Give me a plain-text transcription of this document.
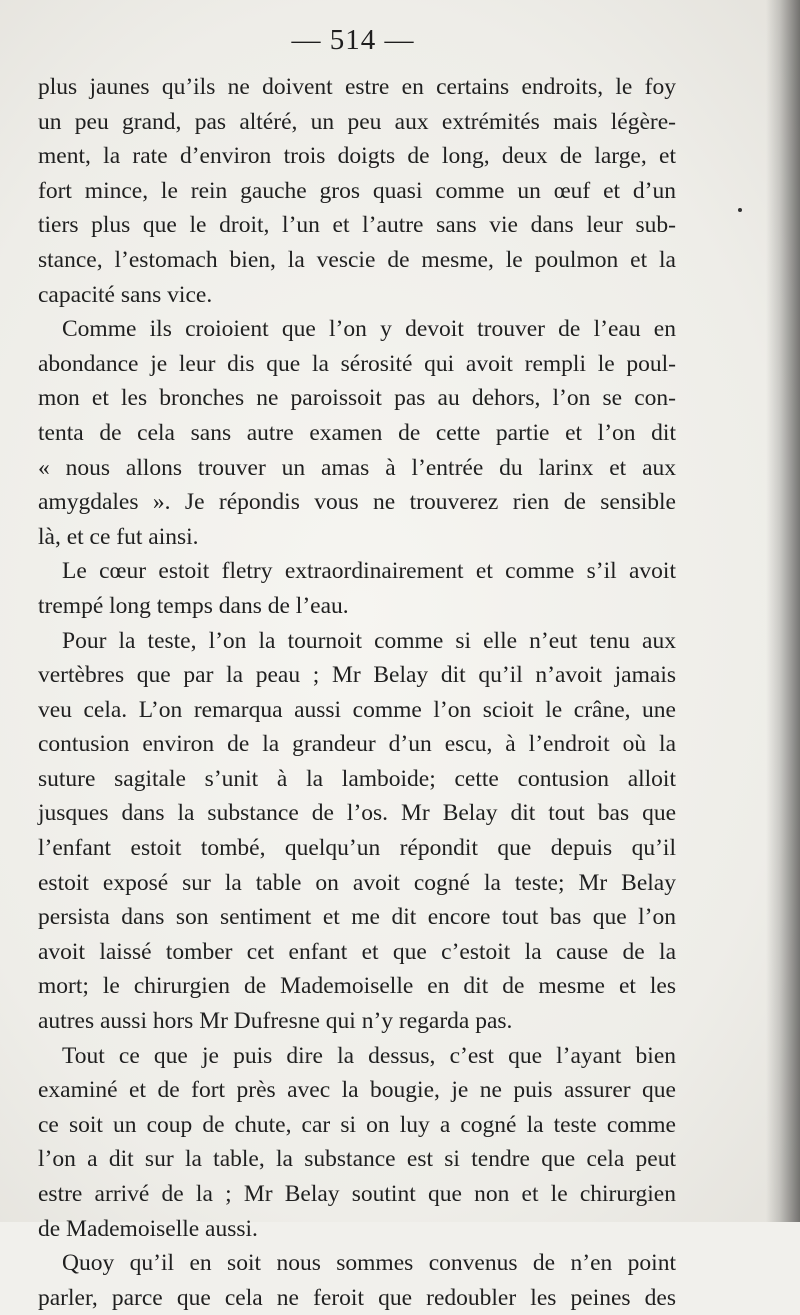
— 514 —
plus jaunes qu’ils ne doivent estre en certains endroits, le foy
un peu grand, pas altéré, un peu aux extrémités mais légère-
ment, la rate d’environ trois doigts de long, deux de large, et
fort mince, le rein gauche gros quasi comme un œuf et d’un
tiers plus que le droit, l’un et l’autre sans vie dans leur sub-
stance, l’estomach bien, la vescie de mesme, le poulmon et la
capacité sans vice.
Comme ils croioient que l’on y devoit trouver de l’eau en
abondance je leur dis que la sérosité qui avoit rempli le poul-
mon et les bronches ne paroissoit pas au dehors, l’on se con-
tenta de cela sans autre examen de cette partie et l’on dit
« nous allons trouver un amas à l’entrée du larinx et aux
amygdales ». Je répondis vous ne trouverez rien de sensible
là, et ce fut ainsi.
Le cœur estoit fletry extraordinairement et comme s’il avoit
trempé long temps dans de l’eau.
Pour la teste, l’on la tournoit comme si elle n’eut tenu aux
vertèbres que par la peau ; Mr Belay dit qu’il n’avoit jamais
veu cela. L’on remarqua aussi comme l’on scioit le crâne, une
contusion environ de la grandeur d’un escu, à l’endroit où la
suture sagitale s’unit à la lamboide; cette contusion alloit
jusques dans la substance de l’os. Mr Belay dit tout bas que
l’enfant estoit tombé, quelqu’un répondit que depuis qu’il
estoit exposé sur la table on avoit cogné la teste; Mr Belay
persista dans son sentiment et me dit encore tout bas que l’on
avoit laissé tomber cet enfant et que c’estoit la cause de la
mort; le chirurgien de Mademoiselle en dit de mesme et les
autres aussi hors Mr Dufresne qui n’y regarda pas.
Tout ce que je puis dire la dessus, c’est que l’ayant bien
examiné et de fort près avec la bougie, je ne puis assurer que
ce soit un coup de chute, car si on luy a cogné la teste comme
l’on a dit sur la table, la substance est si tendre que cela peut
estre arrivé de la ; Mr Belay soutint que non et le chirurgien
de Mademoiselle aussi.
Quoy qu’il en soit nous sommes convenus de n’en point
parler, parce que cela ne feroit que redoubler les peines des
